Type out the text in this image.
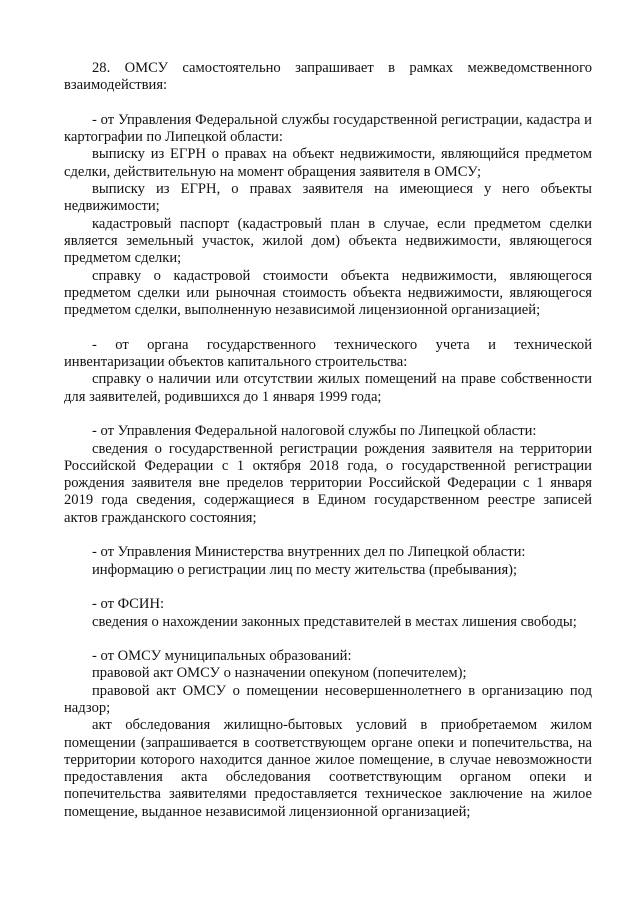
28. ОМСУ самостоятельно запрашивает в рамках межведомственного взаимодействия:

- от Управления Федеральной службы государственной регистрации, кадастра и картографии по Липецкой области:

выписку из ЕГРН о правах на объект недвижимости, являющийся предметом сделки, действительную на момент обращения заявителя в ОМСУ;

выписку из ЕГРН, о правах заявителя на имеющиеся у него объекты недвижимости;

кадастровый паспорт (кадастровый план в случае, если предметом сделки является земельный участок, жилой дом) объекта недвижимости, являющегося предметом сделки;

справку о кадастровой стоимости объекта недвижимости, являющегося предметом сделки или рыночная стоимость объекта недвижимости, являющегося предметом сделки, выполненную независимой лицензионной организацией;

- от органа государственного технического учета и технической инвентаризации объектов капитального строительства:

справку о наличии или отсутствии жилых помещений на праве собственности для заявителей, родившихся до 1 января 1999 года;

- от Управления Федеральной налоговой службы по Липецкой области:

сведения о государственной регистрации рождения заявителя на территории Российской Федерации с 1 октября 2018 года, о государственной регистрации рождения заявителя вне пределов территории Российской Федерации с 1 января 2019 года сведения, содержащиеся в Едином государственном реестре записей актов гражданского состояния;

- от Управления Министерства внутренних дел по Липецкой области:

информацию о регистрации лиц по месту жительства (пребывания);

- от ФСИН:

сведения о нахождении законных представителей в местах лишения свободы;

- от ОМСУ муниципальных образований:

правовой акт ОМСУ о назначении опекуном (попечителем);

правовой акт ОМСУ о помещении несовершеннолетнего в организацию под надзор;

акт обследования жилищно-бытовых условий в приобретаемом жилом помещении (запрашивается в соответствующем органе опеки и попечительства, на территории которого находится данное жилое помещение, в случае невозможности предоставления акта обследования соответствующим органом опеки и попечительства заявителями предоставляется техническое заключение на жилое помещение, выданное независимой лицензионной организацией;
